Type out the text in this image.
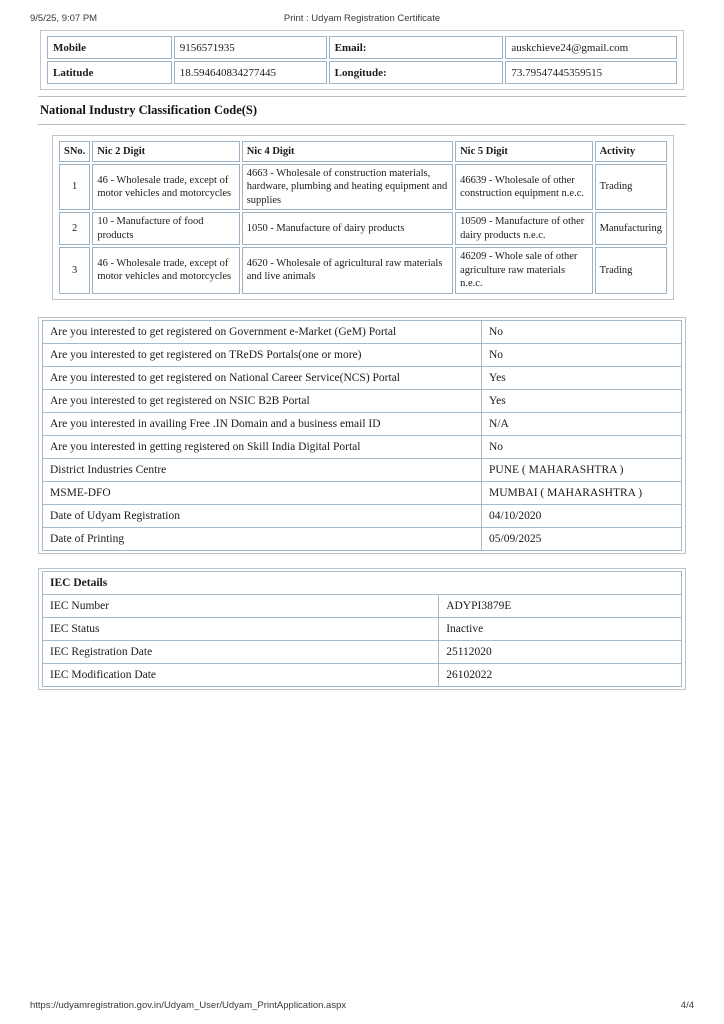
9/5/25, 9:07 PM	Print : Udyam Registration Certificate
Mobile	9156571935	Email:	auskchieve24@gmail.com
Latitude	18.594640834277445	Longitude:	73.79547445359515
National Industry Classification Code(S)
SNo.	Nic 2 Digit	Nic 4 Digit	Nic 5 Digit	Activity
1	46 - Wholesale trade, except of motor vehicles and motorcycles	4663 - Wholesale of construction materials, hardware, plumbing and heating equipment and supplies	46639 - Wholesale of other construction equipment n.e.c.	Trading
2	10 - Manufacture of food products	1050 - Manufacture of dairy products	10509 - Manufacture of other dairy products n.e.c.	Manufacturing
3	46 - Wholesale trade, except of motor vehicles and motorcycles	4620 - Wholesale of agricultural raw materials and live animals	46209 - Whole sale of other agriculture raw materials n.e.c.	Trading
Are you interested to get registered on Government e-Market (GeM) Portal	No
Are you interested to get registered on TReDS Portals(one or more)	No
Are you interested to get registered on National Career Service(NCS) Portal	Yes
Are you interested to get registered on NSIC B2B Portal	Yes
Are you interested in availing Free .IN Domain and a business email ID	N/A
Are you interested in getting registered on Skill India Digital Portal	No
District Industries Centre	PUNE ( MAHARASHTRA )
MSME-DFO	MUMBAI ( MAHARASHTRA )
Date of Udyam Registration	04/10/2020
Date of Printing	05/09/2025
IEC Details	
IEC Number	ADYPI3879E
IEC Status	Inactive
IEC Registration Date	25112020
IEC Modification Date	26102022
https://udyamregistration.gov.in/Udyam_User/Udyam_PrintApplication.aspx	4/4
